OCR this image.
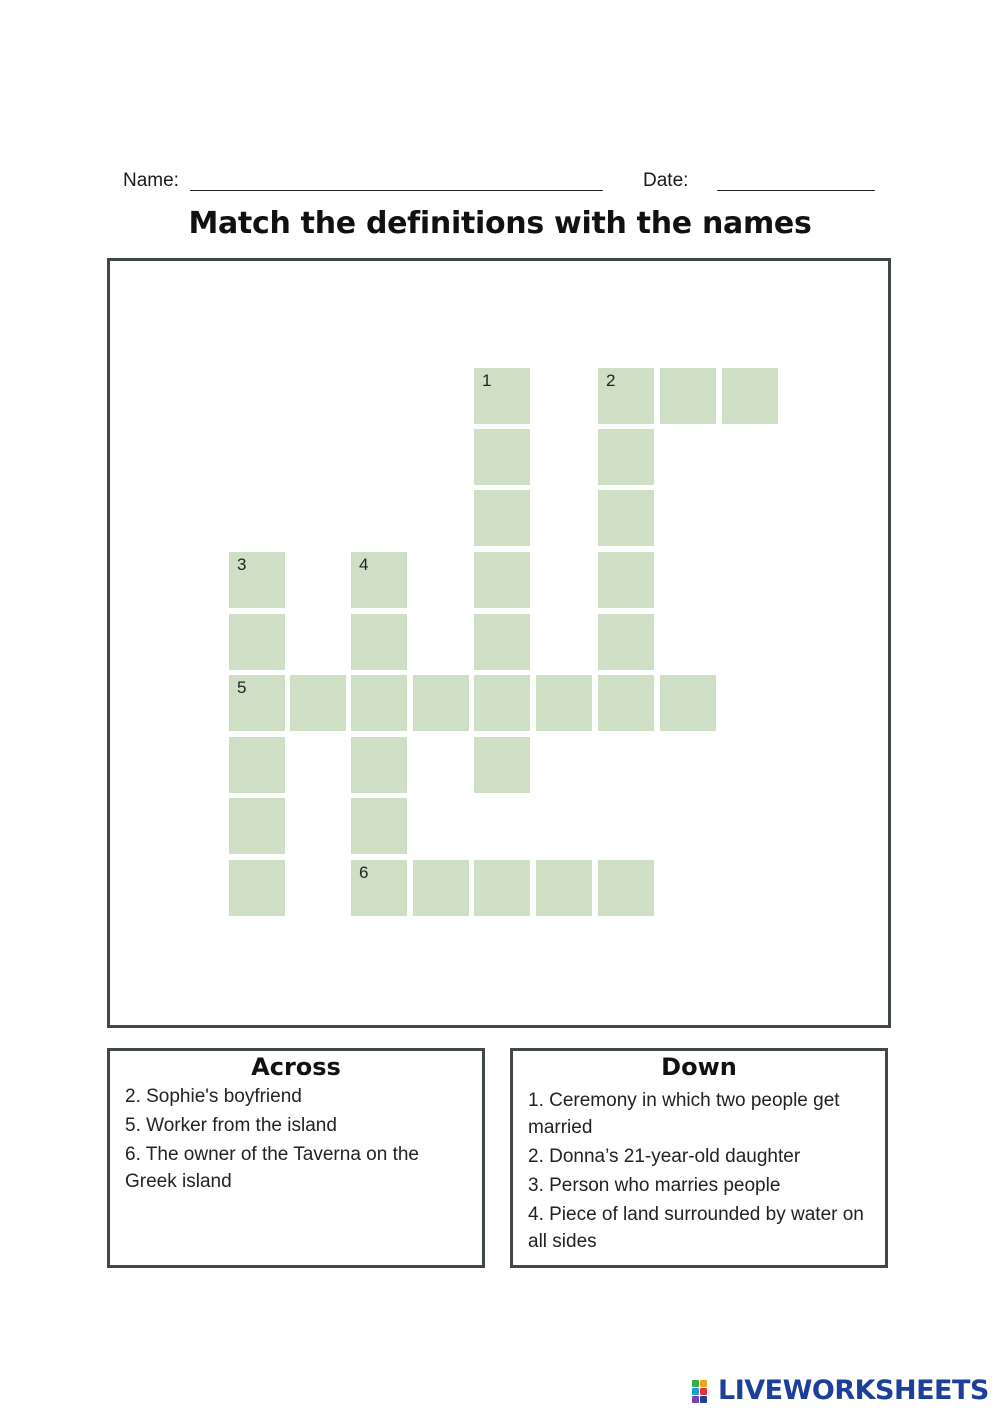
Name:	Date:
Match the definitions with the names
1	2
3
5
4
6
Across
2. Sophie's boyfriend
5. Worker from the island
6. The owner of the Taverna on the Greek island
Down
1. Ceremony in which two people get married
2. Donna’s 21-year-old daughter
3. Person who marries people
4. Piece of land surrounded by water on all sides
LIVEWORKSHEETS
